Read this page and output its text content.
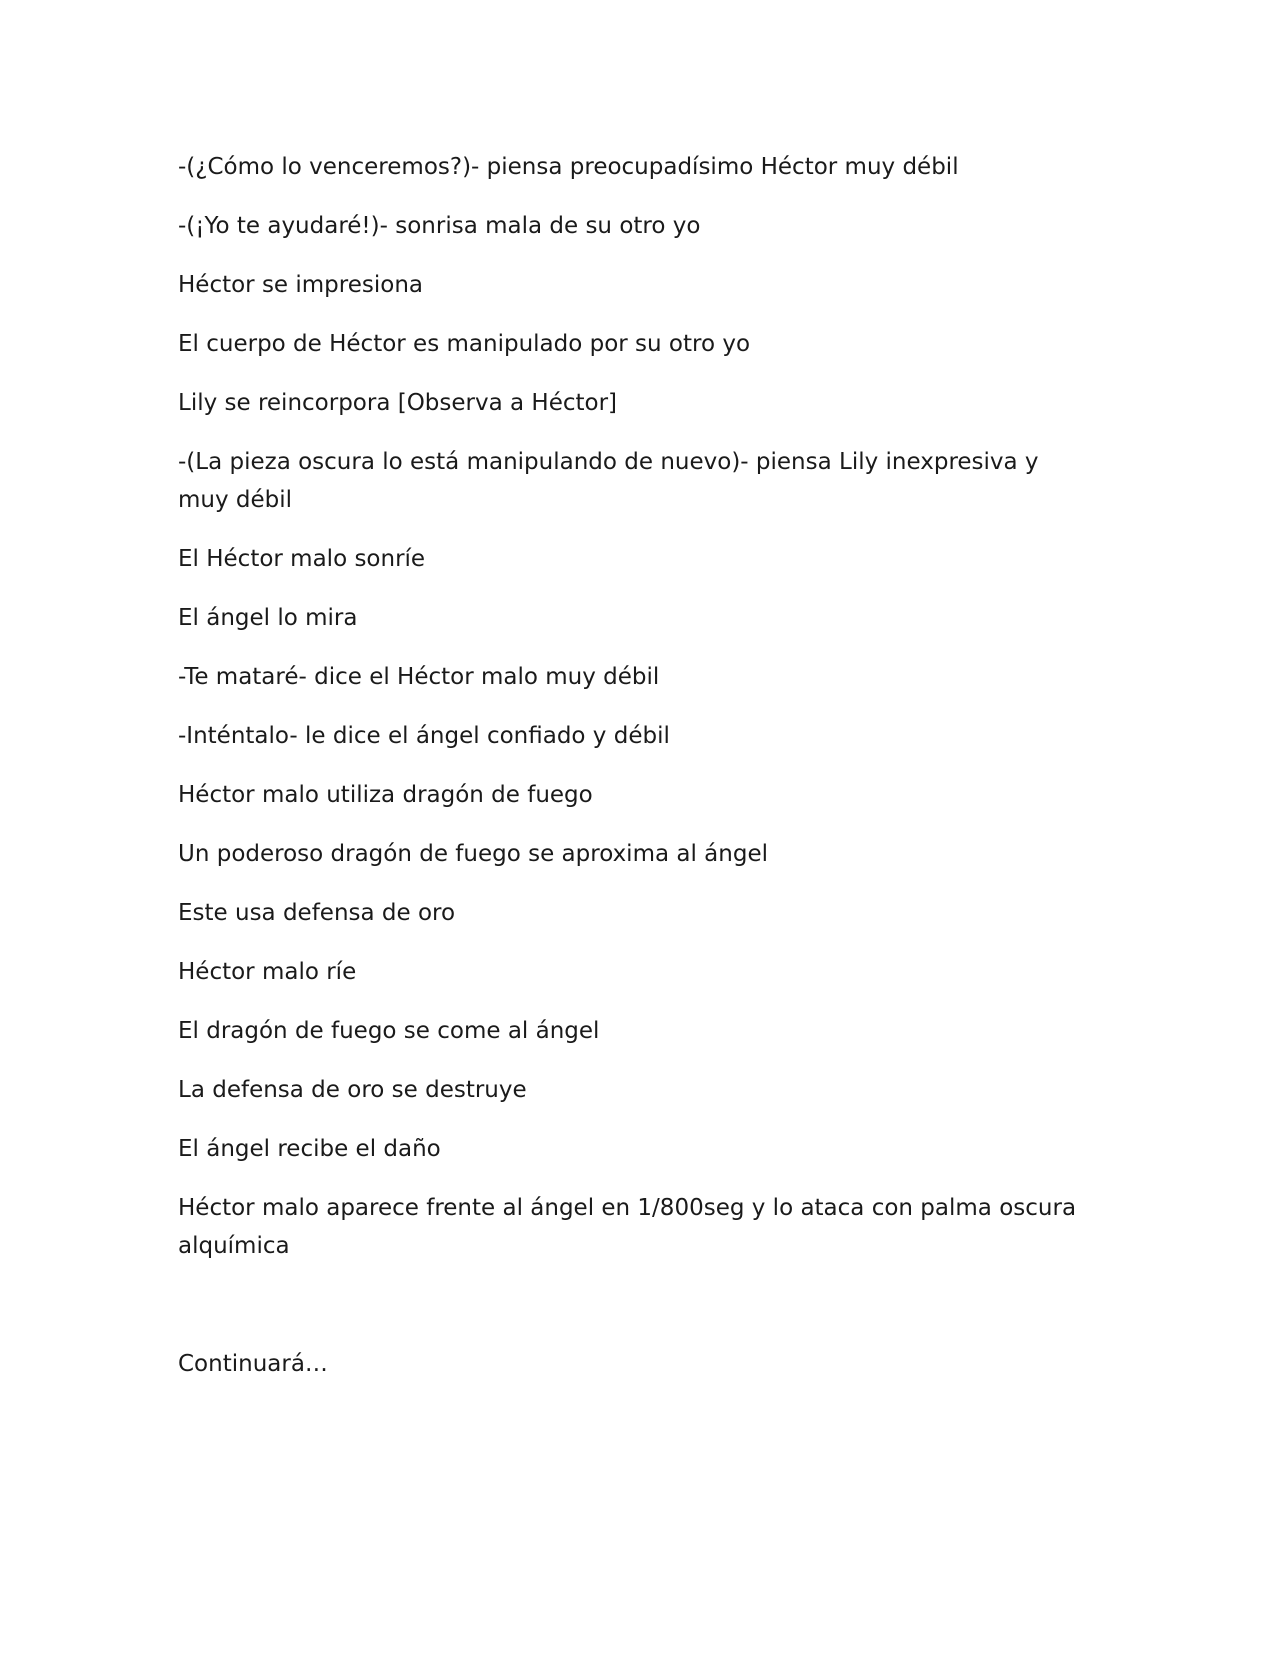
-(¿Cómo lo venceremos?)- piensa preocupadísimo Héctor muy débil

-(¡Yo te ayudaré!)- sonrisa mala de su otro yo

Héctor se impresiona

El cuerpo de Héctor es manipulado por su otro yo

Lily se reincorpora [Observa a Héctor]

-(La pieza oscura lo está manipulando de nuevo)- piensa Lily inexpresiva y muy débil

El Héctor malo sonríe

El ángel lo mira

-Te mataré- dice el Héctor malo muy débil

-Inténtalo- le dice el ángel confiado y débil

Héctor malo utiliza dragón de fuego

Un poderoso dragón de fuego se aproxima al ángel

Este usa defensa de oro

Héctor malo ríe

El dragón de fuego se come al ángel

La defensa de oro se destruye

El ángel recibe el daño

Héctor malo aparece frente al ángel en 1/800seg y lo ataca con palma oscura alquímica

Continuará…
